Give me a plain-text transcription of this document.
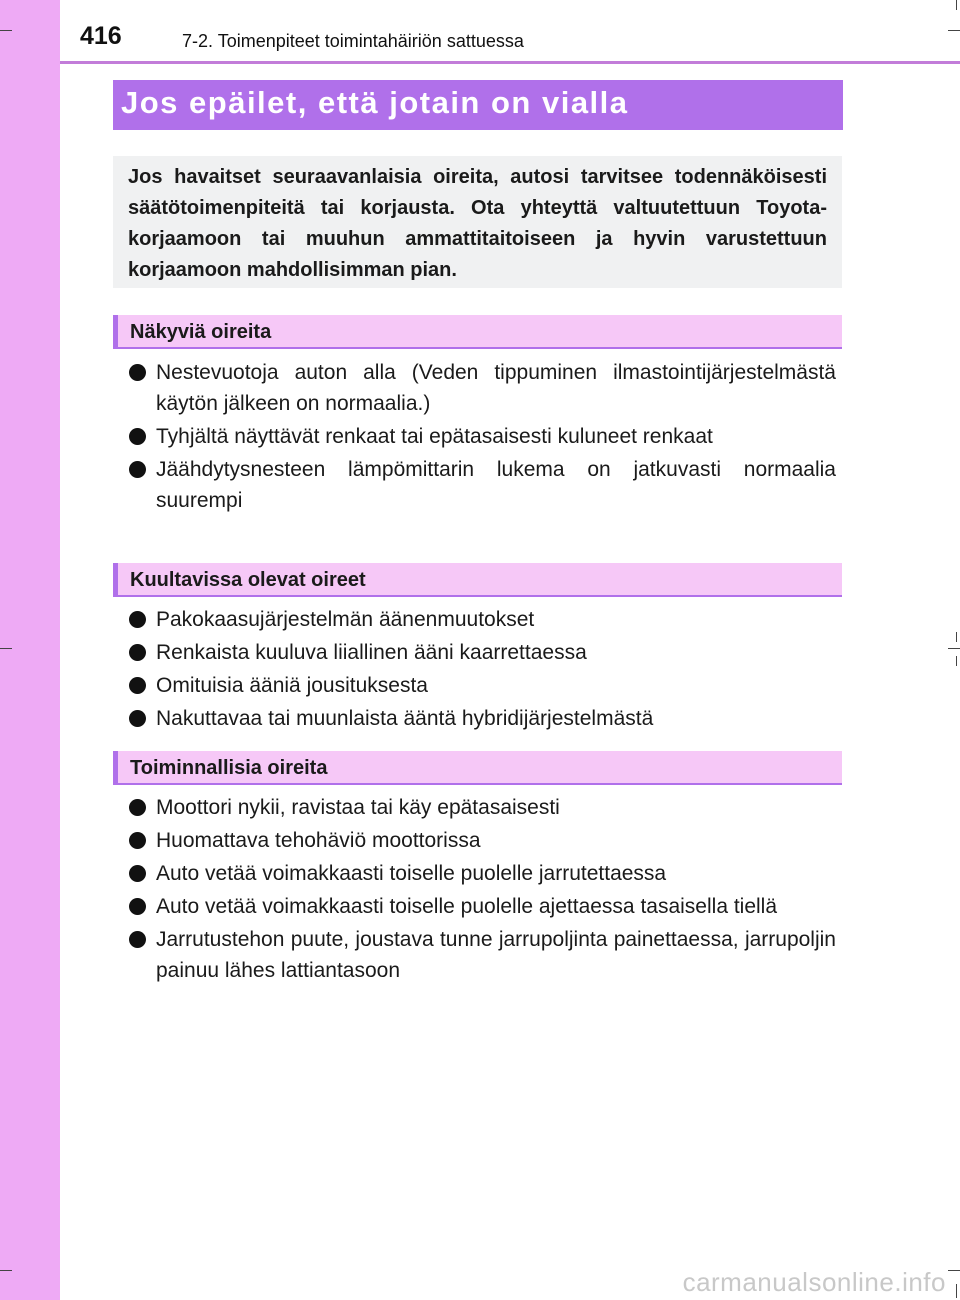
416	7-2. Toimenpiteet toimintahäiriön sattuessa
Jos epäilet, että jotain on vialla
Jos havaitset seuraavanlaisia oireita, autosi tarvitsee todennäköisesti säätötoimenpiteitä tai korjausta. Ota yhteyttä valtuutettuun Toyota-korjaamoon tai muuhun ammattitaitoiseen ja hyvin varustettuun korjaamoon mahdollisimman pian.
Näkyviä oireita
Nestevuotoja auton alla (Veden tippuminen ilmastointijärjestelmästä käytön jälkeen on normaalia.)
Tyhjältä näyttävät renkaat tai epätasaisesti kuluneet renkaat
Jäähdytysnesteen lämpömittarin lukema on jatkuvasti normaalia suurempi
Kuultavissa olevat oireet
Pakokaasujärjestelmän äänenmuutokset
Renkaista kuuluva liiallinen ääni kaarrettaessa
Omituisia ääniä jousituksesta
Nakuttavaa tai muunlaista ääntä hybridijärjestelmästä
Toiminnallisia oireita
Moottori nykii, ravistaa tai käy epätasaisesti
Huomattava tehohäviö moottorissa
Auto vetää voimakkaasti toiselle puolelle jarrutettaessa
Auto vetää voimakkaasti toiselle puolelle ajettaessa tasaisella tiellä
Jarrutustehon puute, joustava tunne jarrupoljinta painettaessa, jarrupoljin painuu lähes lattiantasoon
carmanualsonline.info
